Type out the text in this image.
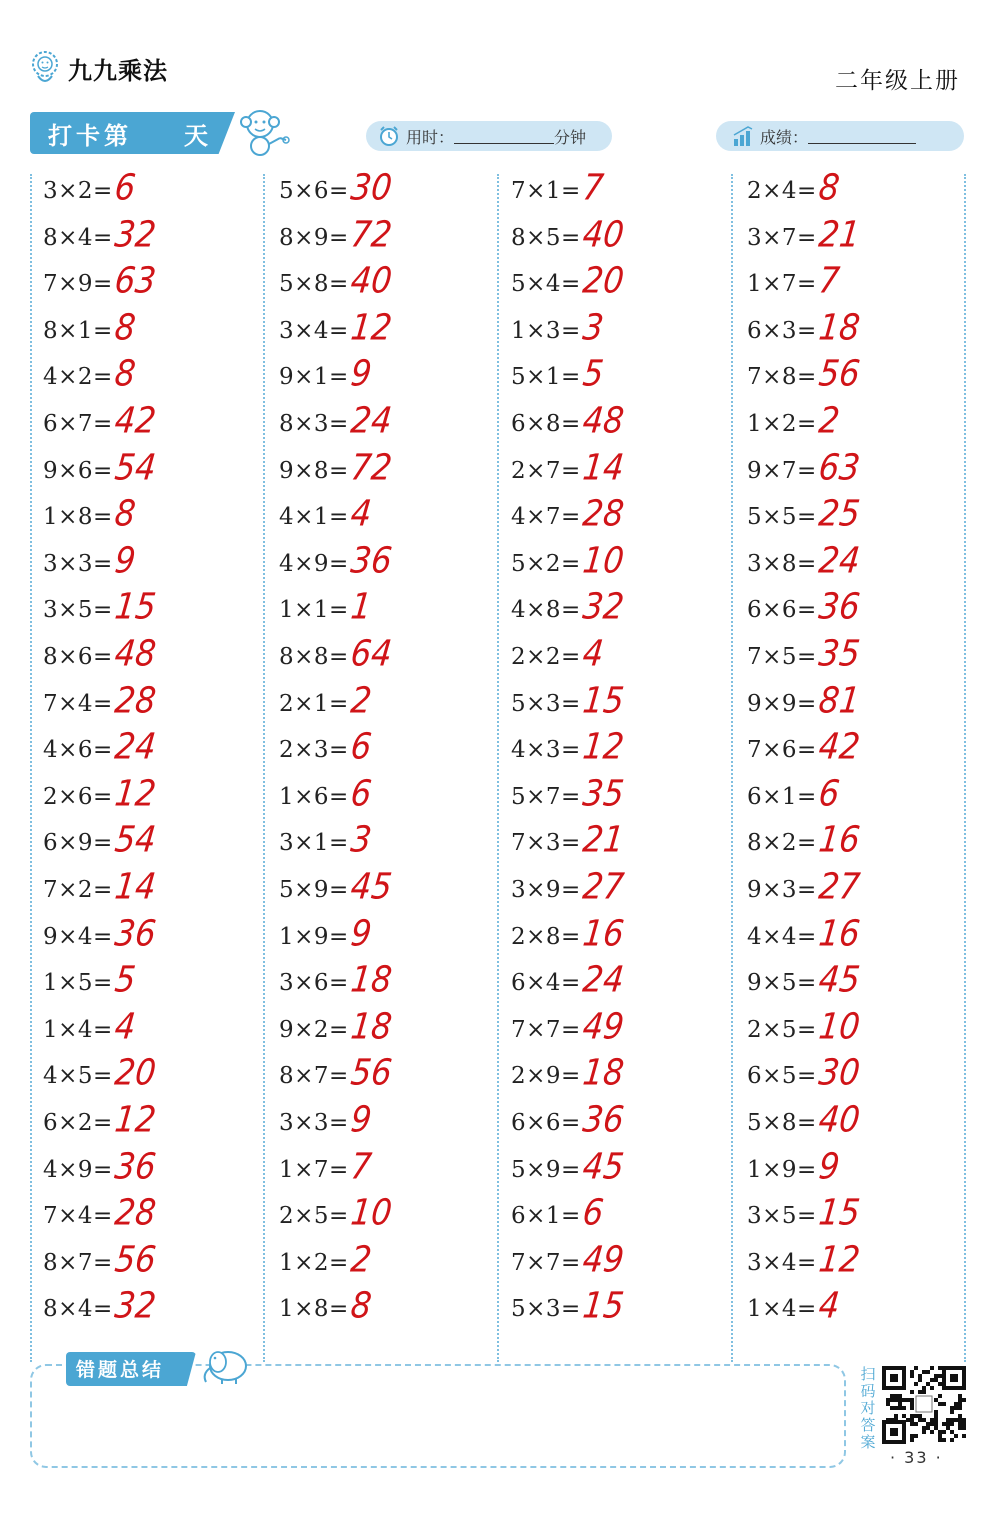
九九乘法	二年级上册
打卡第 天	用时：	分钟	成绩：
3×2=6
8×4=32
7×9=63
8×1=8
4×2=8
6×7=42
9×6=54
1×8=8
3×3=9
3×5=15
8×6=48
7×4=28
4×6=24
2×6=12
6×9=54
7×2=14
9×4=36
1×5=5
1×4=4
4×5=20
6×2=12
4×9=36
7×4=28
8×7=56
8×4=32
5×6=30
8×9=72
5×8=40
3×4=12
9×1=9
8×3=24
9×8=72
4×1=4
4×9=36
1×1=1
8×8=64
2×1=2
2×3=6
1×6=6
3×1=3
5×9=45
1×9=9
3×6=18
9×2=18
8×7=56
3×3=9
1×7=7
2×5=10
1×2=2
1×8=8
7×1=7
8×5=40
5×4=20
1×3=3
5×1=5
6×8=48
2×7=14
4×7=28
5×2=10
4×8=32
2×2=4
5×3=15
4×3=12
5×7=35
7×3=21
3×9=27
2×8=16
6×4=24
7×7=49
2×9=18
6×6=36
5×9=45
6×1=6
7×7=49
5×3=15
2×4=8
3×7=21
1×7=7
6×3=18
7×8=56
1×2=2
9×7=63
5×5=25
3×8=24
6×6=36
7×5=35
9×9=81
7×6=42
6×1=6
8×2=16
9×3=27
4×4=16
9×5=45
2×5=10
6×5=30
5×8=40
1×9=9
3×5=15
3×4=12
1×4=4
错题总结	扫码对答案
· 33 ·
